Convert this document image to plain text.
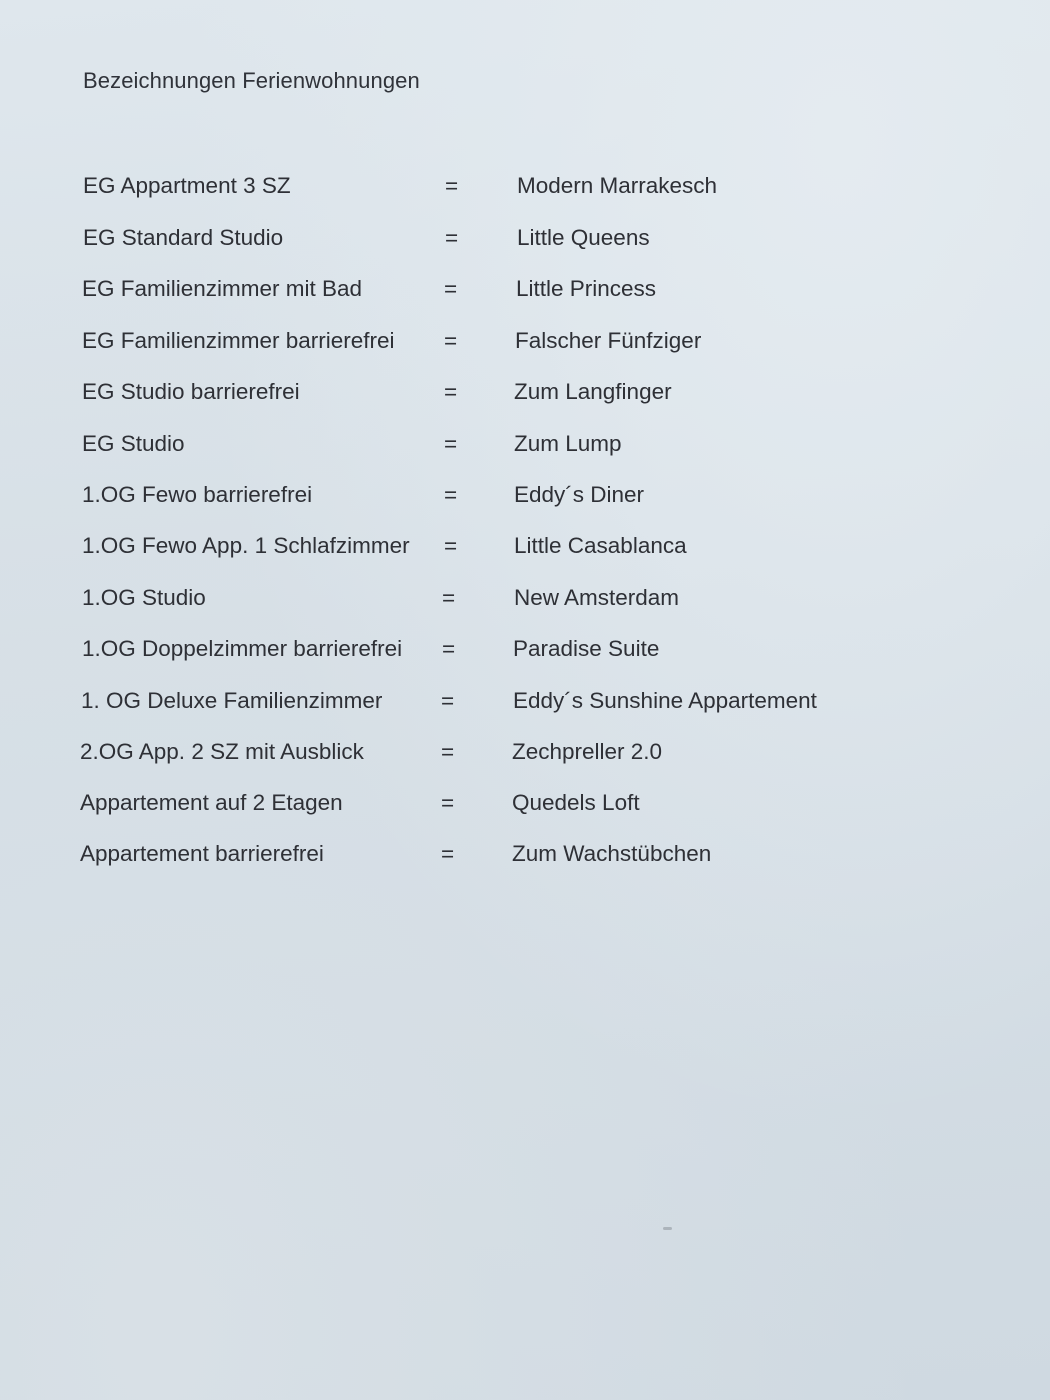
Bezeichnungen Ferienwohnungen
EG Appartment 3 SZ	=	Modern Marrakesch
EG Standard Studio	=	Little Queens
EG Familienzimmer mit Bad	=	Little Princess
EG Familienzimmer barrierefrei =	Falscher Fünfziger
EG Studio barrierefrei	=	Zum Langfinger
EG Studio	=	Zum Lump
1.OG Fewo barrierefrei	=	Eddy´s Diner
1.OG Fewo App. 1 Schlafzimmer =	Little Casablanca
1.OG Studio	=	New Amsterdam
1.OG Doppelzimmer barrierefrei =	Paradise Suite
1. OG Deluxe Familienzimmer	=	Eddy´s Sunshine Appartement
2.OG App. 2 SZ mit Ausblick	=	Zechpreller 2.0
Appartement auf 2 Etagen	=	Quedels Loft
Appartement barrierefrei	=	Zum Wachstübchen
